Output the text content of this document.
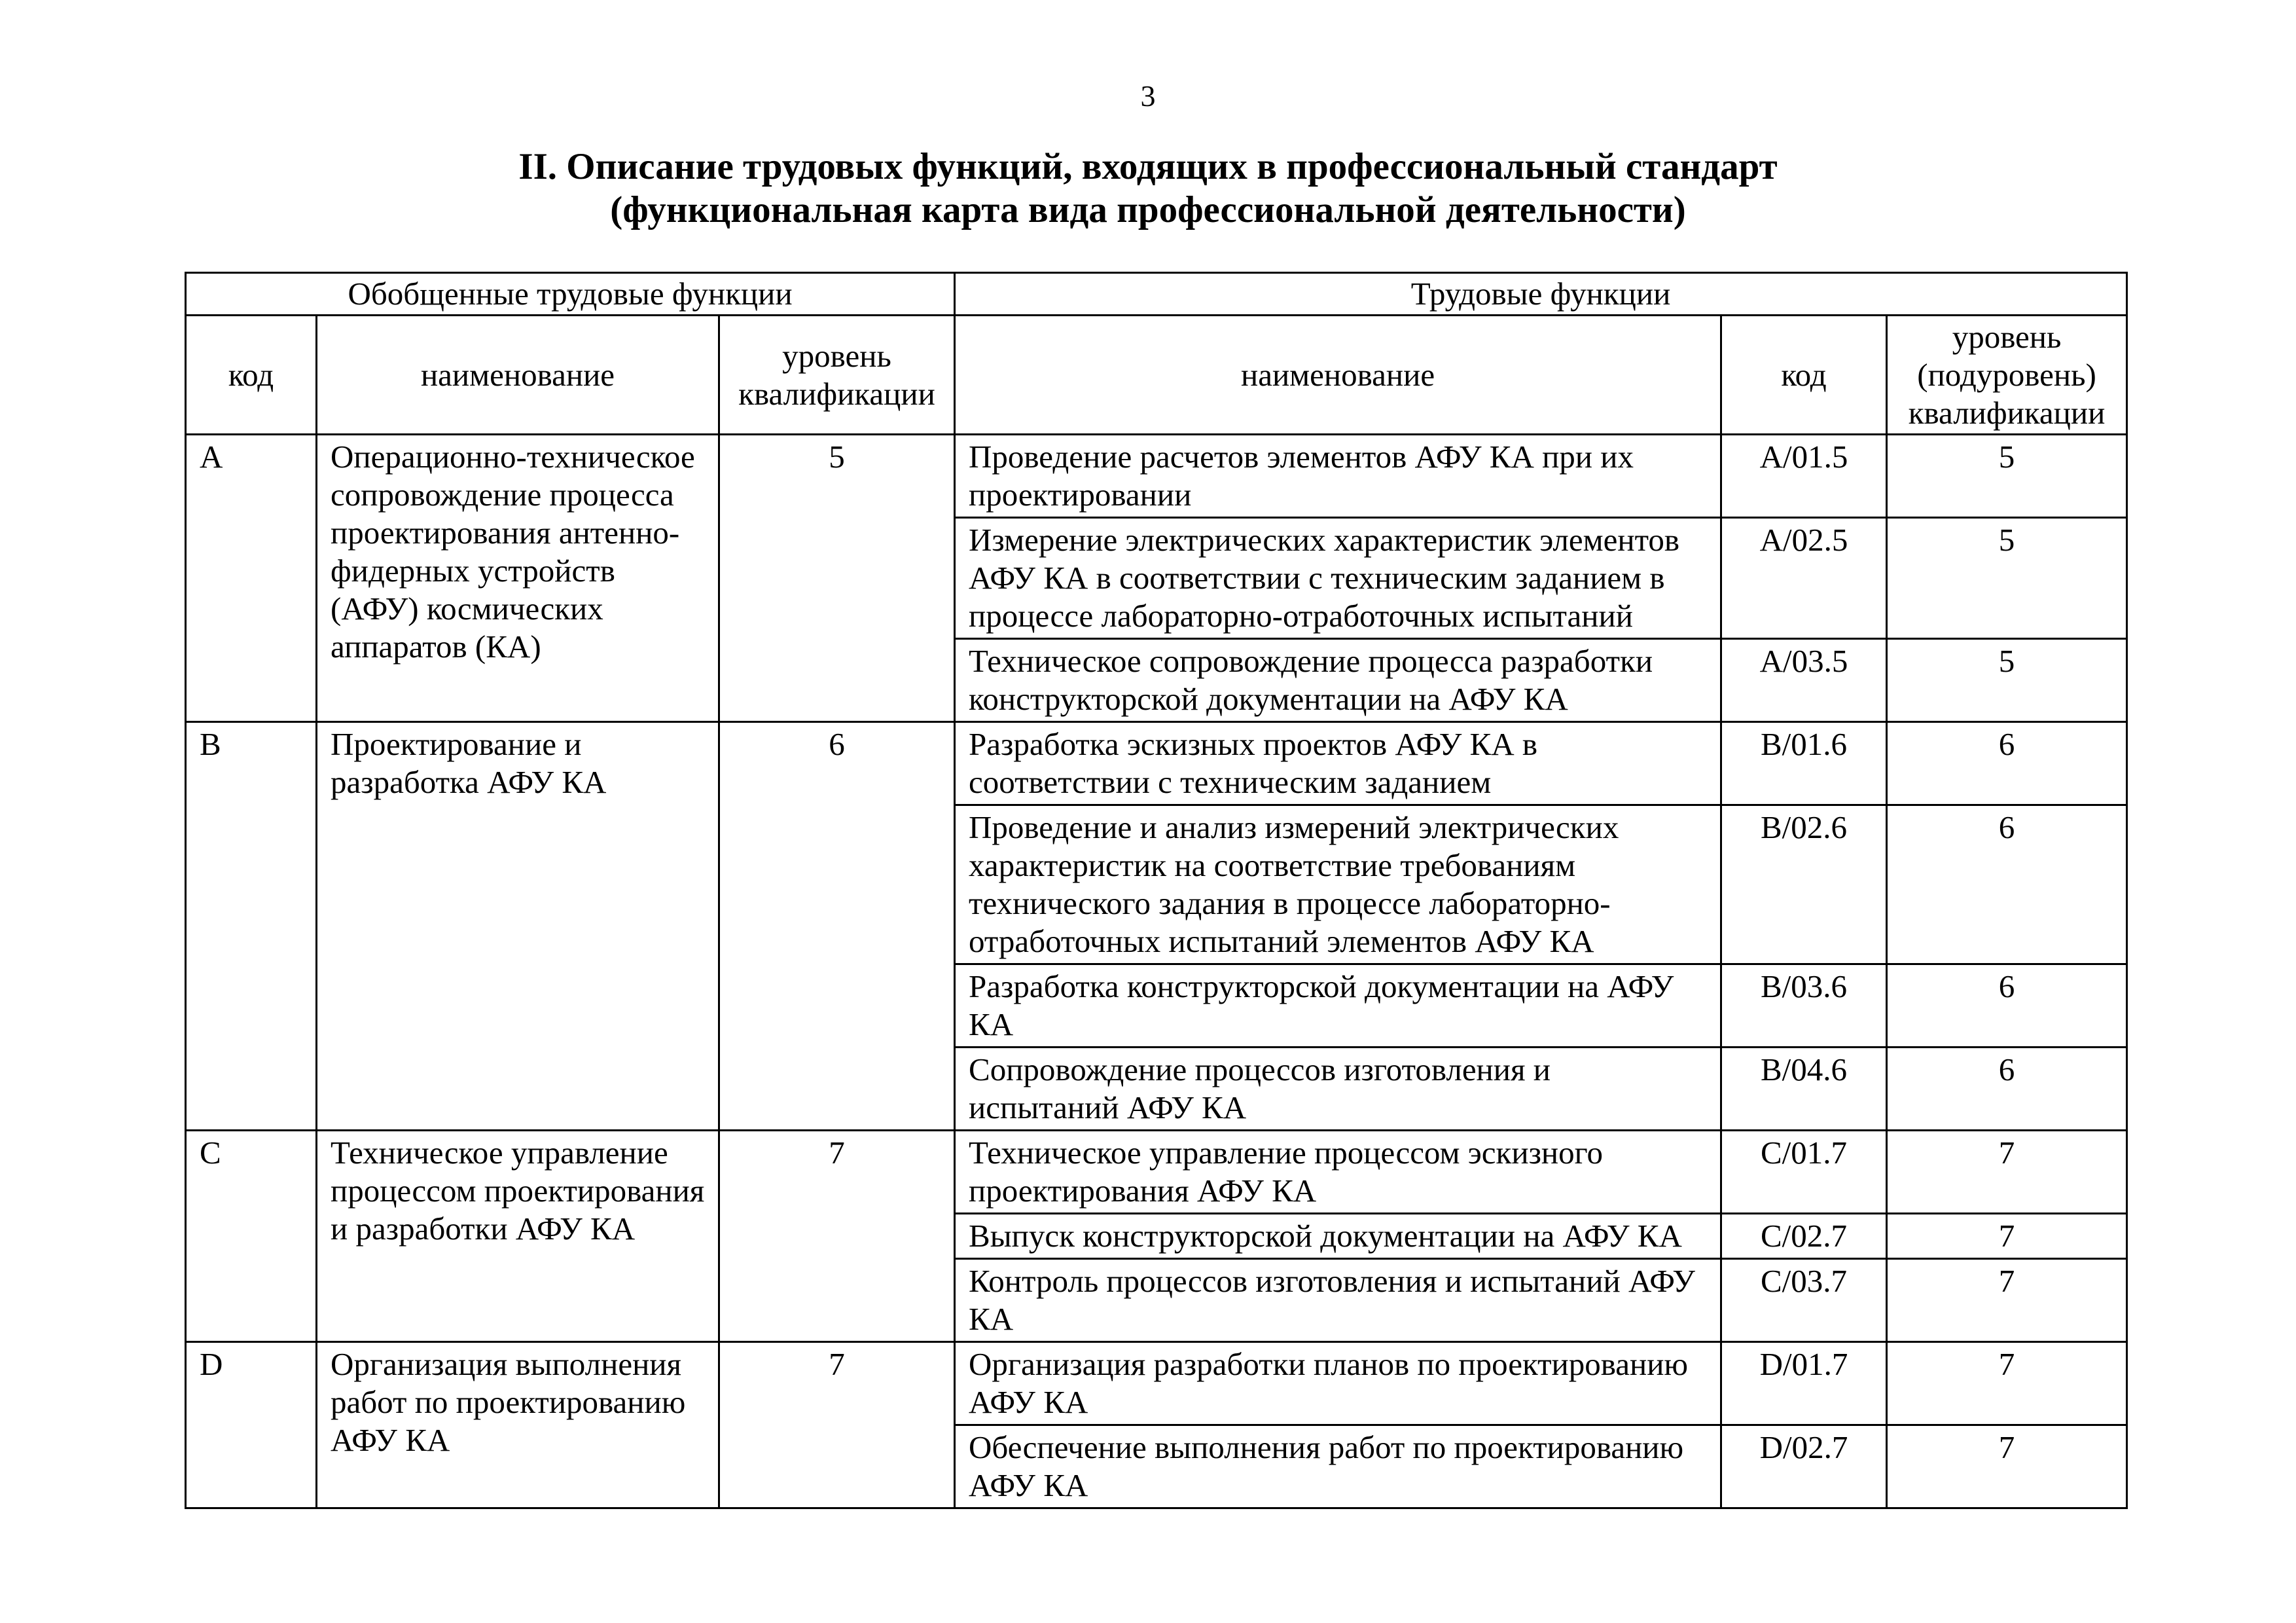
3
II. Описание трудовых функций, входящих в профессиональный стандарт
(функциональная карта вида профессиональной деятельности)
Обобщенные трудовые функции			Трудовые функции		
код	наименование	уровень квалификации	наименование	код	уровень (подуровень) квалификации
A	Операционно-техническое сопровождение процесса проектирования антенно-фидерных устройств (АФУ) космических аппаратов (КА)	5	Проведение расчетов элементов АФУ КА при их проектировании	A/01.5	5
			Измерение электрических характеристик элементов АФУ КА в соответствии с техническим заданием в процессе лабораторно-отработочных испытаний	A/02.5	5
			Техническое сопровождение процесса разработки конструкторской документации на АФУ КА	A/03.5	5
B	Проектирование и разработка АФУ КА	6	Разработка эскизных проектов АФУ КА в соответствии с техническим заданием	B/01.6	6
			Проведение и анализ измерений электрических характеристик на соответствие требованиям технического задания в процессе лабораторно-отработочных испытаний элементов АФУ КА	B/02.6	6
			Разработка конструкторской документации на АФУ КА	B/03.6	6
			Сопровождение процессов изготовления и испытаний АФУ КА	B/04.6	6
C	Техническое управление процессом проектирования и разработки АФУ КА	7	Техническое управление процессом эскизного проектирования АФУ КА	C/01.7	7
			Выпуск конструкторской документации на АФУ КА	C/02.7	7
			Контроль процессов изготовления и испытаний АФУ КА	C/03.7	7
D	Организация выполнения работ по проектированию АФУ КА	7	Организация разработки планов по проектированию АФУ КА	D/01.7	7
			Обеспечение выполнения работ по проектированию АФУ КА	D/02.7	7
